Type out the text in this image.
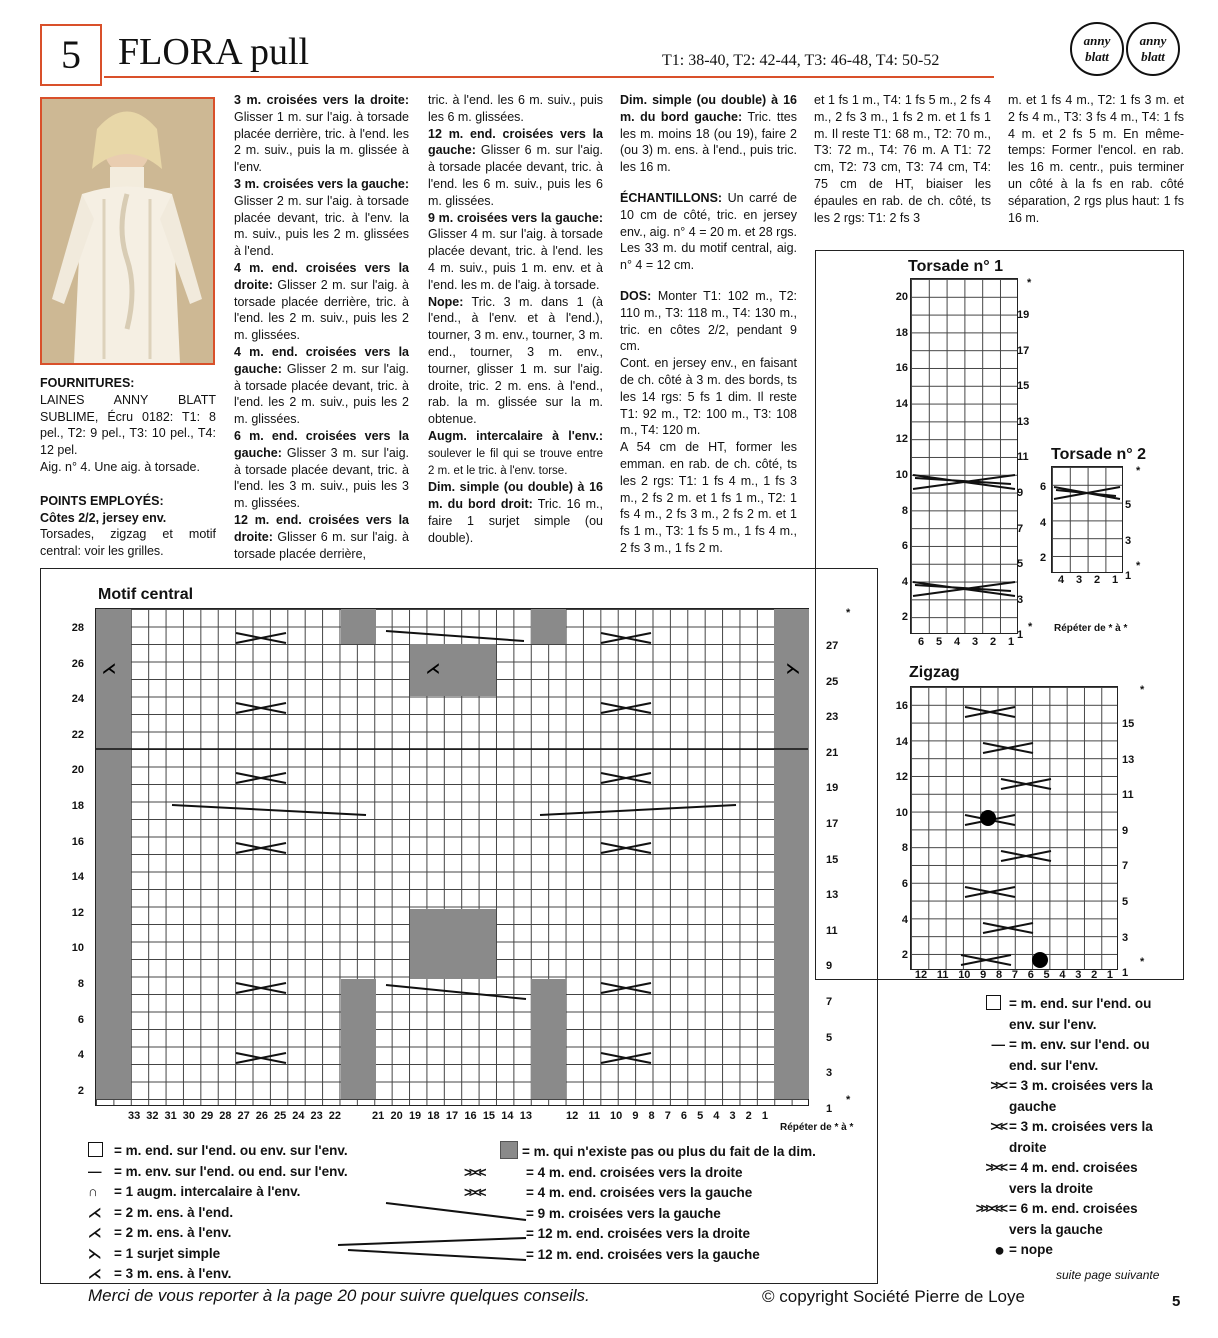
5 FLORA pull	T1: 38-40, T2: 42-44, T3: 46-48, T4: 50-52
anny blatt
anny blatt
FOURNITURES:
LAINES ANNY BLATT SUBLIME, Écru 0182: T1: 8 pel., T2: 9 pel., T3: 10 pel., T4: 12 pel.
Aig. n° 4. Une aig. à torsade.
POINTS EMPLOYÉS:
Côtes 2/2, jersey env.
Torsades, zigzag et motif central: voir les grilles.

3 m. croisées vers la droite: Glisser 1 m. sur l'aig. à torsade placée derrière, tric. à l'end. les 2 m. suiv., puis la m. glissée à l'env.

3 m. croisées vers la gauche: Glisser 2 m. sur l'aig. à torsade placée devant, tric. à l'env. la m. suiv., puis les 2 m. glissées à l'end.

4 m. end. croisées vers la droite: Glisser 2 m. sur l'aig. à torsade placée derrière, tric. à l'end. les 2 m. suiv., puis les 2 m. glissées.

4 m. end. croisées vers la gauche: Glisser 2 m. sur l'aig. à torsade placée devant, tric. à l'end. les 2 m. suiv., puis les 2 m. glissées.

6 m. end. croisées vers la gauche: Glisser 3 m. sur l'aig. à torsade placée devant, tric. à l'end. les 3 m. suiv., puis les 3 m. glissées.

12 m. end. croisées vers la droite: Glisser 6 m. sur l'aig. à torsade placée derrière,

tric. à l'end. les 6 m. suiv., puis les 6 m. glissées.

12 m. end. croisées vers la gauche: Glisser 6 m. sur l'aig. à torsade placée devant, tric. à l'end. les 6 m. suiv., puis les 6 m. glissées.

9 m. croisées vers la gauche: Glisser 4 m. sur l'aig. à torsade placée devant, tric. à l'end. les 4 m. suiv., puis 1 m. env. et à l'end. les m. de l'aig. à torsade.

Nope: Tric. 3 m. dans 1 (à l'end., à l'env. et à l'end.), tourner, 3 m. env., tourner, 3 m. end., tourner, 3 m. env., tourner, glisser 1 m. sur l'aig. droite, tric. 2 m. ens. à l'end., rab. la m. glissée sur la m. obtenue.

Augm. intercalaire à l'env.: soulever le fil qui se trouve entre 2 m. et le tric. à l'env. torse.

Dim. simple (ou double) à 16 m. du bord droit: Tric. 16 m., faire 1 surjet simple (ou double).

Dim. simple (ou double) à 16 m. du bord gauche: Tric. ttes les m. moins 18 (ou 19), faire 2 (ou 3) m. ens. à l'end., puis tric. les 16 m.

ÉCHANTILLONS: Un carré de 10 cm de côté, tric. en jersey env., aig. n° 4 = 20 m. et 28 rgs. Les 33 m. du motif central, aig. n° 4 = 12 cm.

DOS: Monter T1: 102 m., T2: 110 m., T3: 118 m., T4: 130 m., tric. en côtes 2/2, pendant 9 cm.

Cont. en jersey env., en faisant de ch. côté à 3 m. des bords, ts les 14 rgs: 5 fs 1 dim. Il reste T1: 92 m., T2: 100 m., T3: 108 m., T4: 120 m.

A 54 cm de HT, former les emman. en rab. de ch. côté, ts les 2 rgs: T1: 1 fs 4 m., 1 fs 3 m., 2 fs 2 m. et 1 fs 1 m., T2: 1 fs 4 m., 2 fs 3 m., 2 fs 2 m. et 1 fs 1 m., T3: 1 fs 5 m., 1 fs 4 m., 2 fs 3 m., 1 fs 2 m.

et 1 fs 1 m., T4: 1 fs 5 m., 2 fs 4 m., 2 fs 3 m., 1 fs 2 m. et 1 fs 1 m. Il reste T1: 68 m., T2: 70 m., T3: 72 m., T4: 76 m. A T1: 72 cm, T2: 73 cm, T3: 74 cm, T4: 75 cm de HT, biaiser les épaules en rab. de ch. côté, ts les 2 rgs: T1: 2 fs 3
m. et 1 fs 4 m., T2: 1 fs 3 m. et 2 fs 4 m., T3: 3 fs 4 m., T4: 1 fs 4 m. et 2 fs 5 m. En même-temps: Former l'encol. en rab. les 16 m. centr., puis terminer un côté à la fs en rab. côté séparation, 2 rgs plus haut: 1 fs 16 m.
Torsade n° 1
*
20
18
16
14
12
10
8
6
4
2
19
17
15
13
11
9
7
5
3
1
*
6 5 4 3 2 1
Répéter de * à *
Torsade n° 2
*
6
4
2
5
3
1
*
4 3 2 1
Zigzag
*
16
14
12
10
8
6
4
2
15
13
11
9
7
5
3
1
*
12 11 10 9 8 7 6 5 4 3 2 1
= m. end. sur l'end. ou env. sur l'env.
— = m. env. sur l'end. ou end. sur l'env.
>>< = 3 m. croisées vers la gauche
><< = 3 m. croisées vers la droite
>><< = 4 m. end. croisées vers la droite
>>><<< = 6 m. end. croisées vers la gauche
● = nope
Motif central
*
⋌	⋌	⋋
28
26
24
22
20
18
16
14
12
10
8
6
4
2
27
25
23
21
19
17
15
13
11
9
7
5
3
1
*
33 32 31 30 29 28 27 26 25 24 23 22	21 20 19 18 17 16 15 14 13	12 11 10 9 8 7 6 5 4 3 2 1
Répéter de * à *
= m. end. sur l'end. ou env. sur l'env.
— = m. env. sur l'end. ou end. sur l'env.
∩ = 1 augm. intercalaire à l'env.
⋌ = 2 m. ens. à l'end.
⋌ = 2 m. ens. à l'env.
⋋ = 1 surjet simple
⋌ = 3 m. ens. à l'env.
= m. qui n'existe pas ou plus du fait de la dim.
>><<	= 4 m. end. croisées vers la droite
>><<	= 4 m. end. croisées vers la gauche
= 9 m. croisées vers la gauche
= 12 m. end. croisées vers la droite
= 12 m. end. croisées vers la gauche
suite page suivante
Merci de vous reporter à la page 20 pour suivre quelques conseils.	© copyright Société Pierre de Loye	5
